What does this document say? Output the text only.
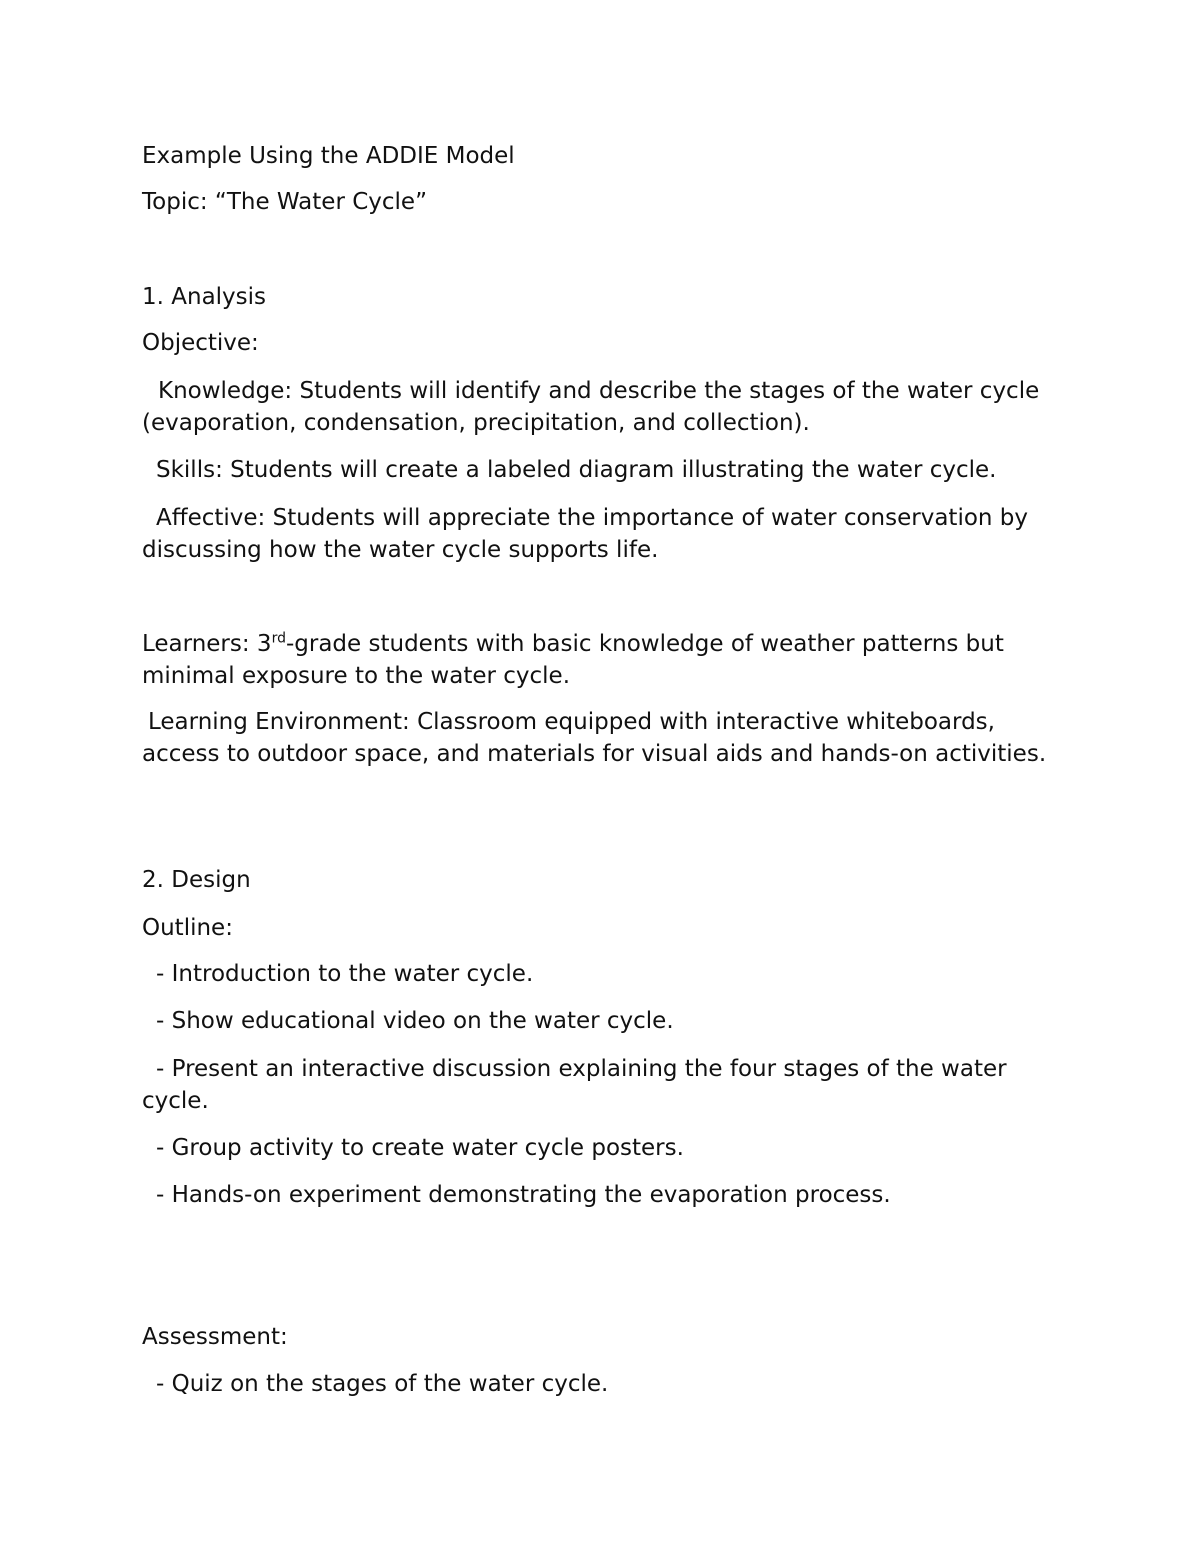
Example Using the ADDIE Model

Topic: “The Water Cycle”

1. Analysis

Objective:

Knowledge: Students will identify and describe the stages of the water cycle (evaporation, condensation, precipitation, and collection).

Skills: Students will create a labeled diagram illustrating the water cycle.

Affective: Students will appreciate the importance of water conservation by discussing how the water cycle supports life.

Learners: 3rd-grade students with basic knowledge of weather patterns but minimal exposure to the water cycle.

Learning Environment: Classroom equipped with interactive whiteboards, access to outdoor space, and materials for visual aids and hands-on activities.

2. Design

Outline:

- Introduction to the water cycle.

- Show educational video on the water cycle.

- Present an interactive discussion explaining the four stages of the water cycle.

- Group activity to create water cycle posters.

- Hands-on experiment demonstrating the evaporation process.

Assessment:

- Quiz on the stages of the water cycle.
